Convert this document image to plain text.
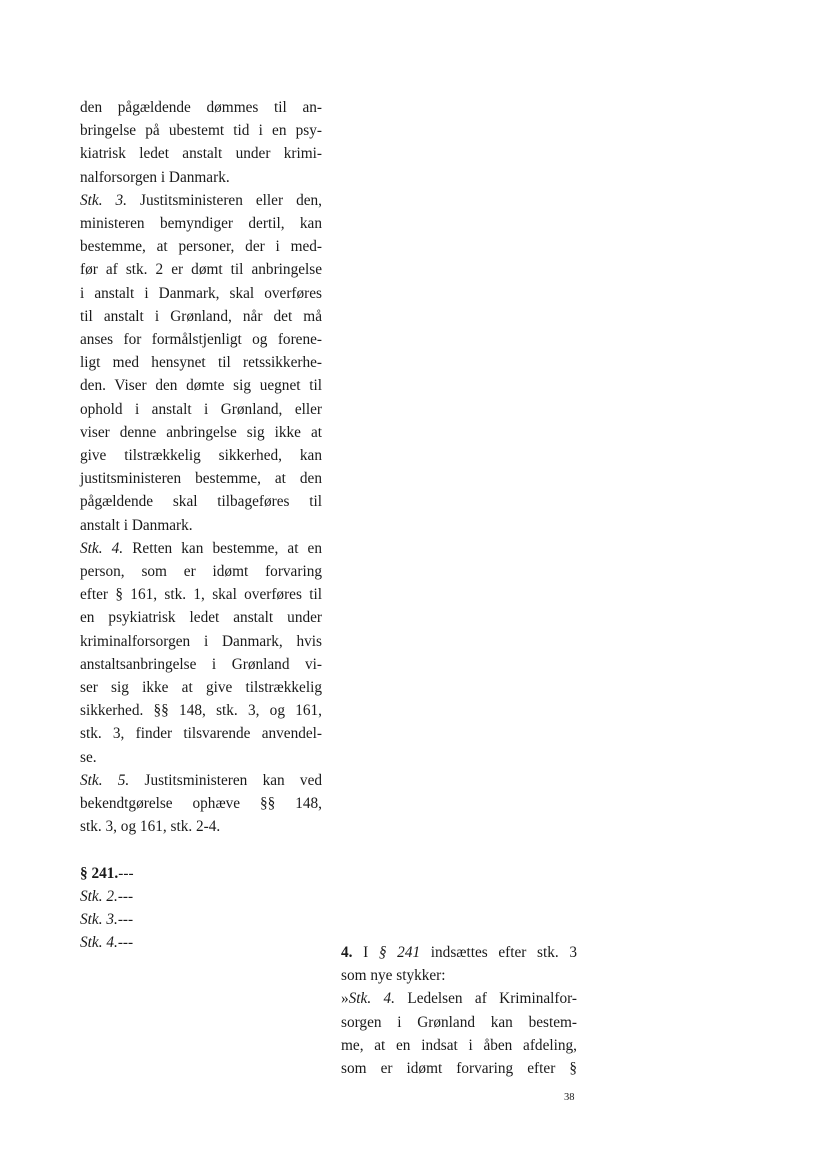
den pågældende dømmes til an-
bringelse på ubestemt tid i en psy-
kiatrisk ledet anstalt under krimi-
nalforsorgen i Danmark.
Stk. 3. Justitsministeren eller den,
ministeren bemyndiger dertil, kan
bestemme, at personer, der i med-
før af stk. 2 er dømt til anbringelse
i anstalt i Danmark, skal overføres
til anstalt i Grønland, når det må
anses for formålstjenligt og forene-
ligt med hensynet til retssikkerhe-
den. Viser den dømte sig uegnet til
ophold i anstalt i Grønland, eller
viser denne anbringelse sig ikke at
give tilstrækkelig sikkerhed, kan
justitsministeren bestemme, at den
pågældende skal tilbageføres til
anstalt i Danmark.
Stk. 4. Retten kan bestemme, at en
person, som er idømt forvaring
efter § 161, stk. 1, skal overføres til
en psykiatrisk ledet anstalt under
kriminalforsorgen i Danmark, hvis
anstaltsanbringelse i Grønland vi-
ser sig ikke at give tilstrækkelig
sikkerhed. §§ 148, stk. 3, og 161,
stk. 3, finder tilsvarende anvendel-
se.
Stk. 5. Justitsministeren kan ved
bekendtgørelse ophæve §§ 148,
stk. 3, og 161, stk. 2-4.
§ 241.---
Stk. 2.---
Stk. 3.---
Stk. 4.---
4. I § 241 indsættes efter stk. 3
som nye stykker:
»Stk. 4. Ledelsen af Kriminalfor-
sorgen i Grønland kan bestem-
me, at en indsat i åben afdeling,
som er idømt forvaring efter §
38
